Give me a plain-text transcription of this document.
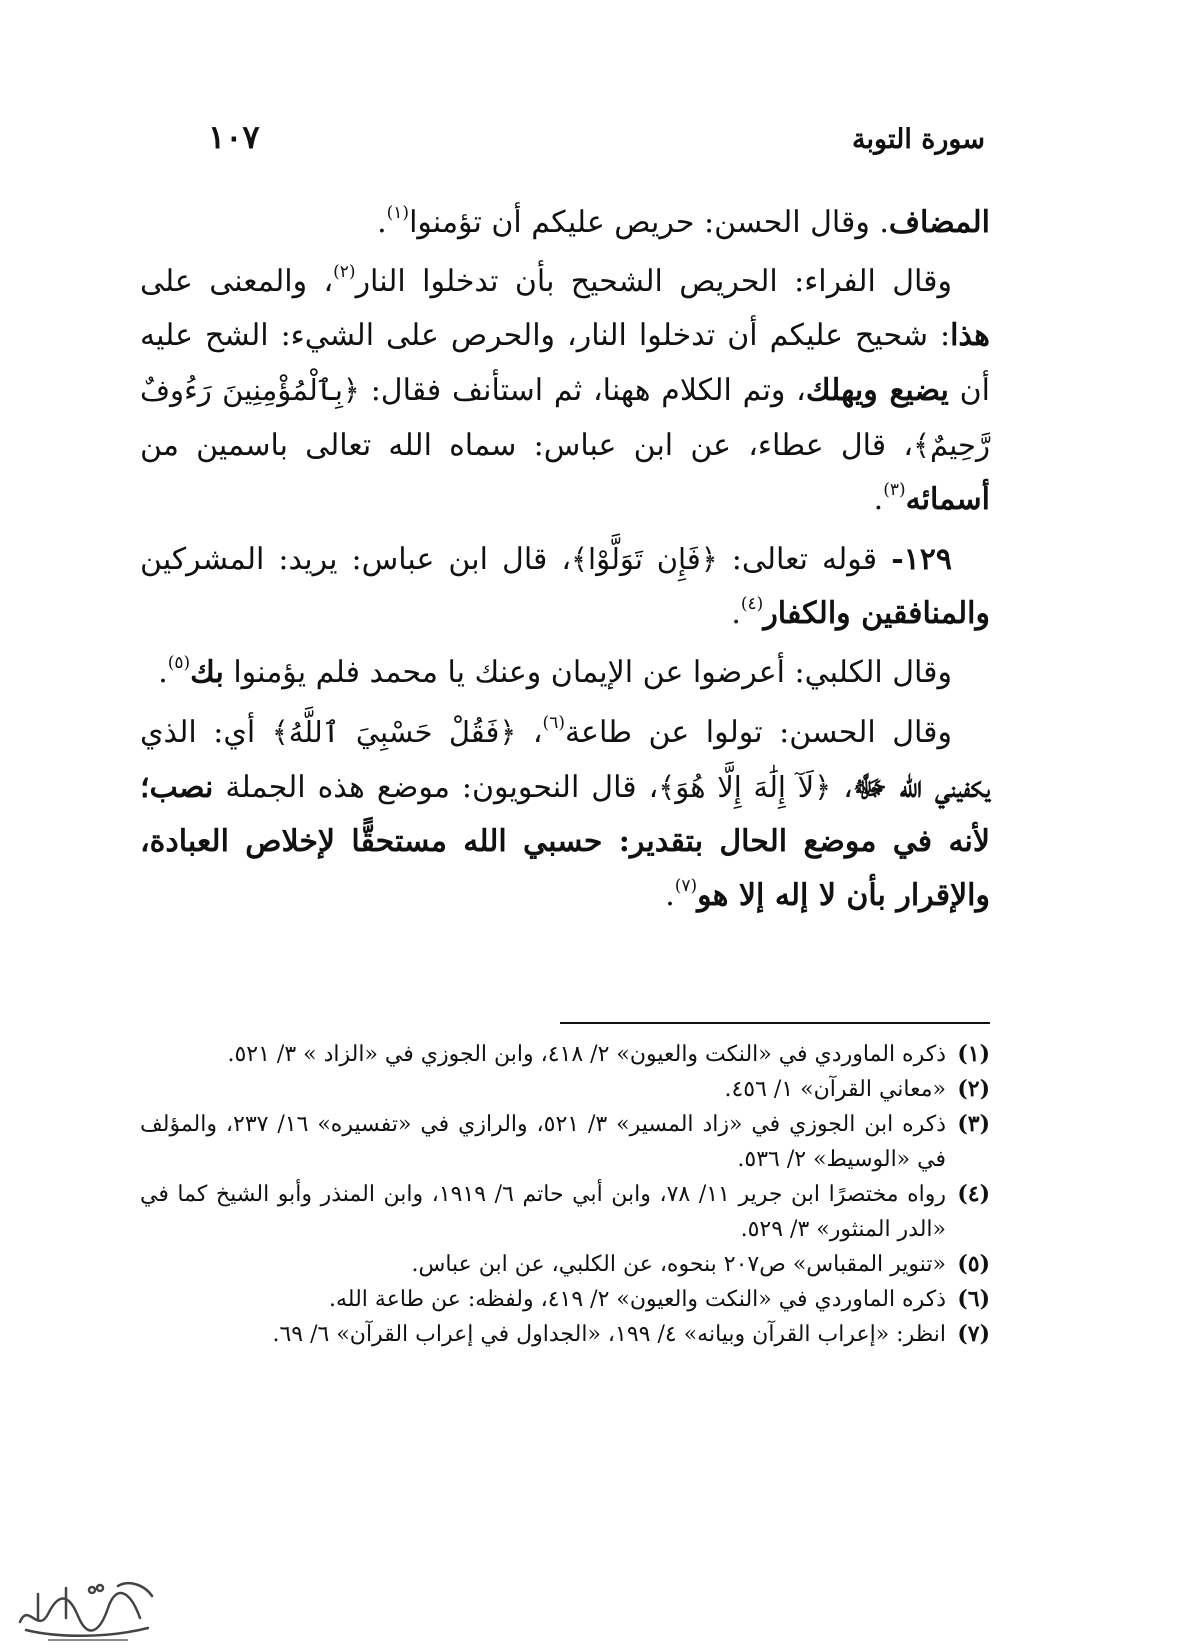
سورة التوبة
١٠٧

المضاف. وقال الحسن: حريص عليكم أن تؤمنوا$^{(١)}$.

وقال الفراء: الحريص الشحيح بأن تدخلوا النار$^{(٢)}$، والمعنى على هذا: شحيح عليكم أن تدخلوا النار، والحرص على الشيء: الشح عليه أن يضيع ويهلك، وتم الكلام ههنا، ثم استأنف فقال: ﴿بِٱلْمُؤْمِنِينَ رَءُوفٌ رَّحِيمٌ﴾، قال عطاء، عن ابن عباس: سماه الله تعالى باسمين من أسمائه$^{(٣)}$.

١٢٩- قوله تعالى: ﴿فَإِن تَوَلَّوْا﴾، قال ابن عباس: يريد: المشركين والمنافقين والكفار$^{(٤)}$.

وقال الكلبي: أعرضوا عن الإيمان وعنك يا محمد فلم يؤمنوا بك$^{(٥)}$.

وقال الحسن: تولوا عن طاعة$^{(٦)}$، ﴿فَقُلْ حَسْبِيَ ٱللَّهُ﴾ أي: الذي يكفيني الله ﷻ، ﴿لَآ إِلَٰهَ إِلَّا هُوَ﴾، قال النحويون: موضع هذه الجملة نصب؛ لأنه في موضع الحال بتقدير: حسبي الله مستحقًّا لإخلاص العبادة، والإقرار بأن لا إله إلا هو$^{(٧)}$.

(١)
ذكره الماوردي في «النكت والعيون» ٢/ ٤١٨، وابن الجوزي في «الزاد » ٣/ ٥٢١.
(٢)
«معاني القرآن» ١/ ٤٥٦.
(٣)
ذكره ابن الجوزي في «زاد المسير» ٣/ ٥٢١، والرازي في «تفسيره» ١٦/ ٢٣٧، والمؤلف في «الوسيط» ٢/ ٥٣٦.
(٤)
رواه مختصرًا ابن جرير ١١/ ٧٨، وابن أبي حاتم ٦/ ١٩١٩، وابن المنذر وأبو الشيخ كما في «الدر المنثور» ٣/ ٥٢٩.
(٥)
«تنوير المقباس» ص٢٠٧ بنحوه، عن الكلبي، عن ابن عباس.
(٦)
ذكره الماوردي في «النكت والعيون» ٢/ ٤١٩، ولفظه: عن طاعة الله.
(٧)
انظر: «إعراب القرآن وبيانه» ٤/ ١٩٩، «الجداول في إعراب القرآن» ٦/ ٦٩.
